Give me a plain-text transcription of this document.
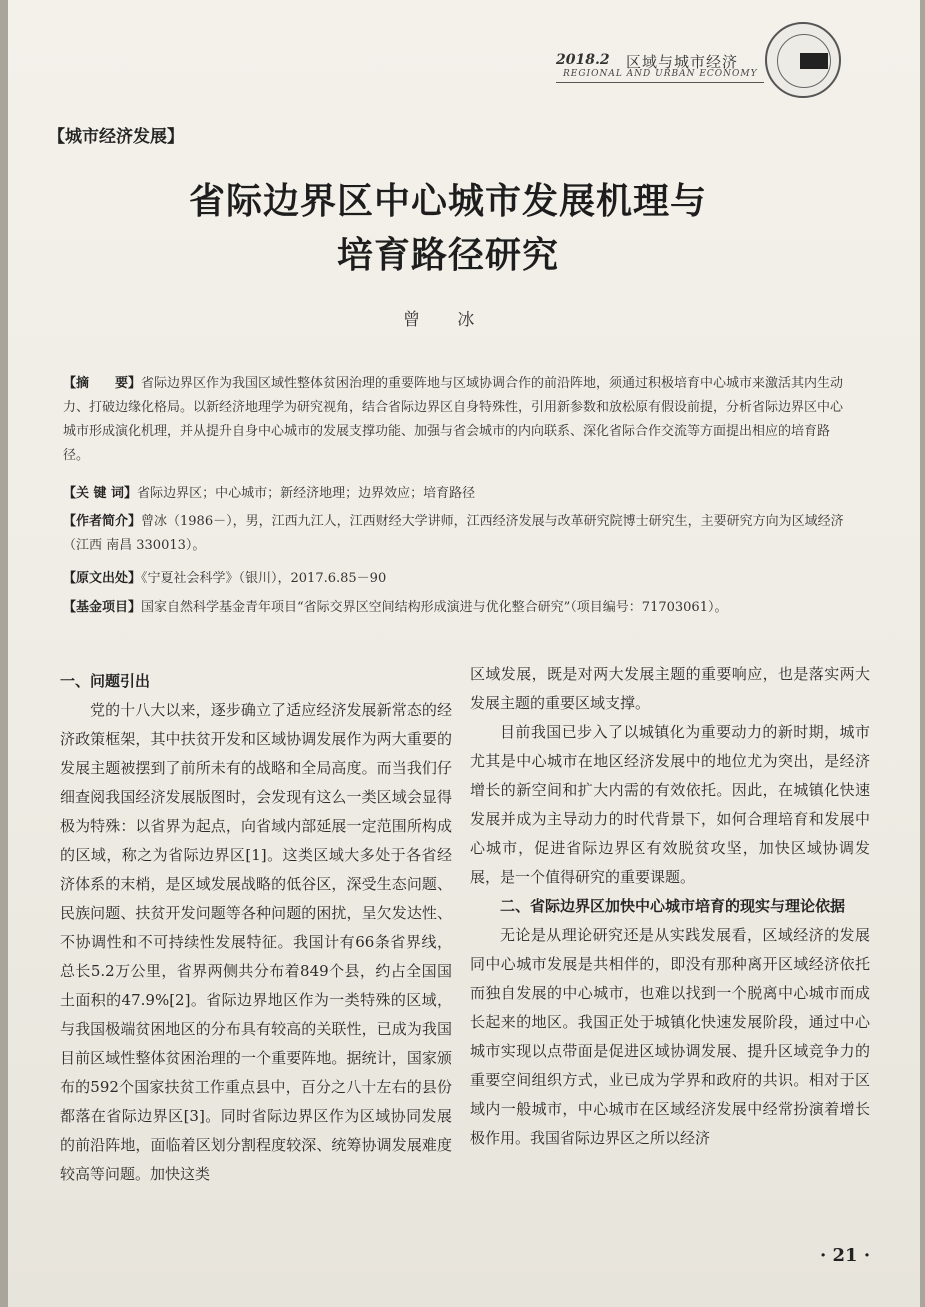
2018.2 区域与城市经济
REGIONAL AND URBAN ECONOMY
【城市经济发展】
省际边界区中心城市发展机理与
培育路径研究
曾 冰

【摘　　要】省际边界区作为我国区域性整体贫困治理的重要阵地与区域协调合作的前沿阵地，须通过积极培育中心城市来激活其内生动力、打破边缘化格局。以新经济地理学为研究视角，结合省际边界区自身特殊性，引用新参数和放松原有假设前提，分析省际边界区中心城市形成演化机理，并从提升自身中心城市的发展支撑功能、加强与省会城市的内向联系、深化省际合作交流等方面提出相应的培育路径。

【关 键 词】省际边界区；中心城市；新经济地理；边界效应；培育路径

【作者简介】曾冰（1986－），男，江西九江人，江西财经大学讲师，江西经济发展与改革研究院博士研究生，主要研究方向为区域经济（江西 南昌 330013）。

【原文出处】《宁夏社会科学》（银川），2017.6.85－90

【基金项目】国家自然科学基金青年项目“省际交界区空间结构形成演进与优化整合研究”（项目编号：71703061）。

一、问题引出

党的十八大以来，逐步确立了适应经济发展新常态的经济政策框架，其中扶贫开发和区域协调发展作为两大重要的发展主题被摆到了前所未有的战略和全局高度。而当我们仔细查阅我国经济发展版图时，会发现有这么一类区域会显得极为特殊：以省界为起点，向省域内部延展一定范围所构成的区域，称之为省际边界区[1]。这类区域大多处于各省经济体系的末梢，是区域发展战略的低谷区，深受生态问题、民族问题、扶贫开发问题等各种问题的困扰，呈欠发达性、不协调性和不可持续性发展特征。我国计有66条省界线，总长5.2万公里，省界两侧共分布着849个县，约占全国国土面积的47.9%[2]。省际边界地区作为一类特殊的区域，与我国极端贫困地区的分布具有较高的关联性，已成为我国目前区域性整体贫困治理的一个重要阵地。据统计，国家颁布的592个国家扶贫工作重点县中，百分之八十左右的县份都落在省际边界区[3]。同时省际边界区作为区域协同发展的前沿阵地，面临着区划分割程度较深、统筹协调发展难度较高等问题。加快这类

区域发展，既是对两大发展主题的重要响应，也是落实两大发展主题的重要区域支撑。

目前我国已步入了以城镇化为重要动力的新时期，城市尤其是中心城市在地区经济发展中的地位尤为突出，是经济增长的新空间和扩大内需的有效依托。因此，在城镇化快速发展并成为主导动力的时代背景下，如何合理培育和发展中心城市，促进省际边界区有效脱贫攻坚，加快区域协调发展，是一个值得研究的重要课题。

二、省际边界区加快中心城市培育的现实与理论依据

无论是从理论研究还是从实践发展看，区域经济的发展同中心城市发展是共相伴的，即没有那种离开区域经济依托而独自发展的中心城市，也难以找到一个脱离中心城市而成长起来的地区。我国正处于城镇化快速发展阶段，通过中心城市实现以点带面是促进区域协调发展、提升区域竞争力的重要空间组织方式，业已成为学界和政府的共识。相对于区域内一般城市，中心城市在区域经济发展中经常扮演着增长极作用。我国省际边界区之所以经济

· 21 ·
